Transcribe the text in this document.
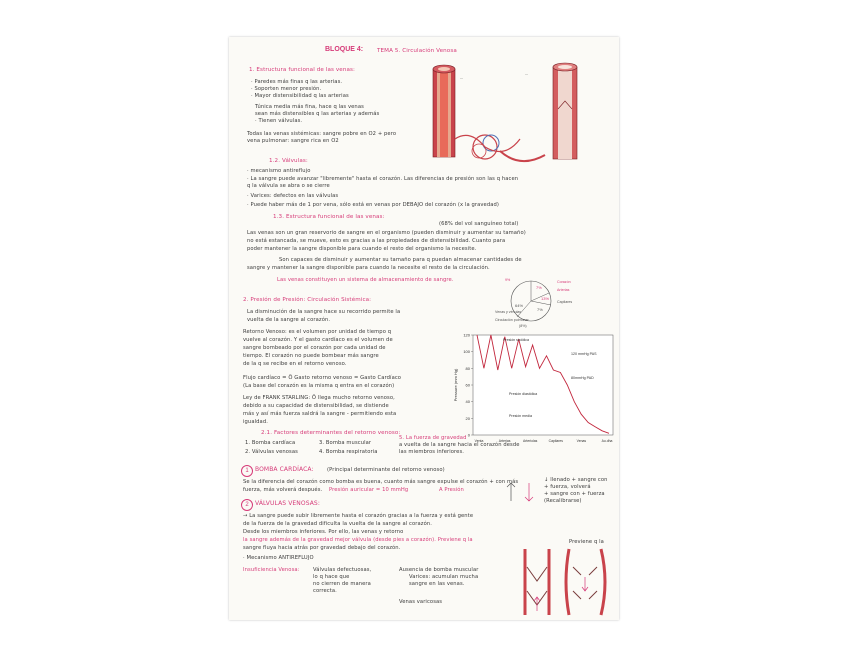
BLOQUE 4: TEMA 5. Circulación Venosa
1. Estructura funcional de las venas:
· Paredes más finas q las arterias.
· Soporten menor presión.
· Mayor distensibilidad q las arterias
Túnica media más fina, hace q las venas
sean más distensibles q las arterias y además
· Tienen válvulas.
Todas las venas sistémicas: sangre pobre en O2 + pero
vena pulmonar: sangre rica en O2
—
—
1.2. Válvulas:
· mecanismo antireflujo
· La sangre puede avanzar "libremente" hasta el corazón. Las diferencias de presión son las q hacen
q la válvula se abra o se cierre
· Varices: defectos en las válvulas
· Puede haber más de 1 por vena, sólo está en venas por DEBAJO del corazón (x la gravedad)
1.3. Estructura funcional de las venas:
(68% del vol sanguíneo total)
Las venas son un gran reservorio de sangre en el organismo (pueden disminuir y aumentar su tamaño)
no está estancada, se mueve, esto es gracias a las propiedades de distensibilidad. Cuanto para
poder mantener la sangre disponible para cuando el resto del organismo la necesite.
Son capaces de disminuir y aumentar su tamaño para q puedan almacenar cantidades de
sangre y mantener la sangre disponible para cuando la necesite el resto de la circulación.
Las venas constituyen un sistema de almacenamiento de sangre.
7%
13%
64%
7%
Corazón
Arterias
Venas y vénulas
Capilares
Circulación pulmonar
(8%)
9%
2. Presión de Presión: Circulación Sistémica:
La disminución de la sangre hace su recorrido permite la
vuelta de la sangre al corazón.
Retorno Venoso: es el volumen por unidad de tiempo q
vuelve al corazón. Y el gasto cardíaco es el volumen de
sangre bombeado por el corazón por cada unidad de
tiempo. El corazón no puede bombear más sangre
de la q se recibe en el retorno venoso.
Flujo cardíaco = Ö Gasto retorno venoso = Gasto Cardíaco
(La base del corazón es la misma q entra en el corazón)
Ley de FRANK STARLING: Ö llega mucho retorno venoso,
debido a su capacidad de distensibilidad, se distiende
más y así más fuerza saldrá la sangre - permitiendo esta
igualdad.
2.1. Factores determinantes del retorno venoso:
1. Bomba cardíaca	3. Bomba muscular
2. Válvulas venosas	4. Bomba respiratoria
5. La fuerza de gravedad
a vuelta de la sangre hacia el corazón desde
las miembros inferiores.
0
20
40
60
80
100
120
Pressure (mm Hg)
Venta	Arterias	Arteriolas	Capilares	Venas	Au.dha
Presión sistólica
120 mmHg PAS
80mmHg PAD
Presión diastólica
Presión media
1	BOMBA CARDÍACA:	(Principal determinante del retorno venoso)
Se la diferencia del corazón como bomba es buena, cuanto más sangre expulse el corazón + con más
fuerza, más volverá después. Presión auricular = 10 mmHg	A Presión
↓ llenado + sangre con
+ fuerza, volverá
+ sangre con + fuerza
(Recalibrarse)
2	VÁLVULAS VENOSAS:
→ La sangre puede subir libremente hasta el corazón gracias a la fuerza y está gente
de la fuerza de la gravedad dificulta la vuelta de la sangre al corazón.
Desde los miembros inferiores. Por ello, las venas y retorno
la sangre además de la gravedad mejor válvula (desde pies a corazón). Previene q la
sangre fluya hacia atrás por gravedad debajo del corazón.
· Mecanismo ANTIREFLUJO
Insuficiencia Venosa:	Válvulas defectuosas,
lo q hace que
no cierren de manera
correcta.
Ausencia de bomba muscular
Varices: acumulan mucha
sangre en las venas.
Venas varicosas
Previene q la
